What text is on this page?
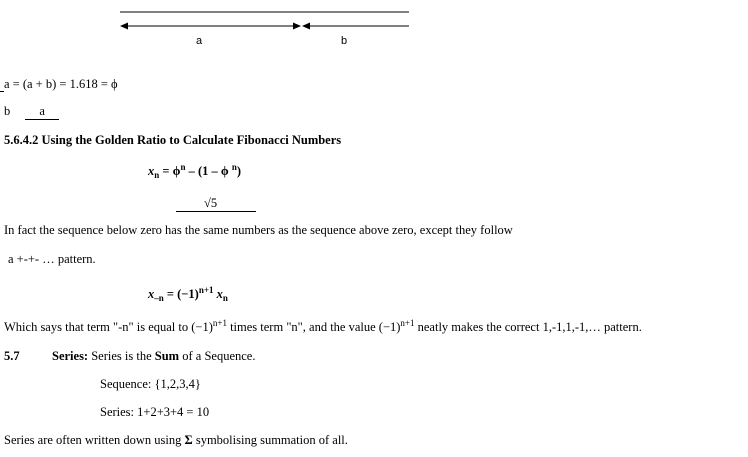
a	b
a = (a + b) = 1.618 = ϕ
b a
5.6.4.2 Using the Golden Ratio to Calculate Fibonacci Numbers
$x_n = \phi^n - (1 - \phi$ $^n$)
√5
In fact the sequence below zero has the same numbers as the sequence above zero, except they follow
a +-+- … pattern.
$x_{-n} = (-1)^{n+1}$ $x_n$
Which says that term "-n" is equal to $(-1)^{n+1}$ times term "n", and the value $(-1)^{n+1}$ neatly makes the correct 1,-1,1,-1,… pattern.
5.7	Series: Series is the Sum of a Sequence.
Sequence: {1,2,3,4}
Series: 1+2+3+4 = 10
Series are often written down using Σ symbolising summation of all.
